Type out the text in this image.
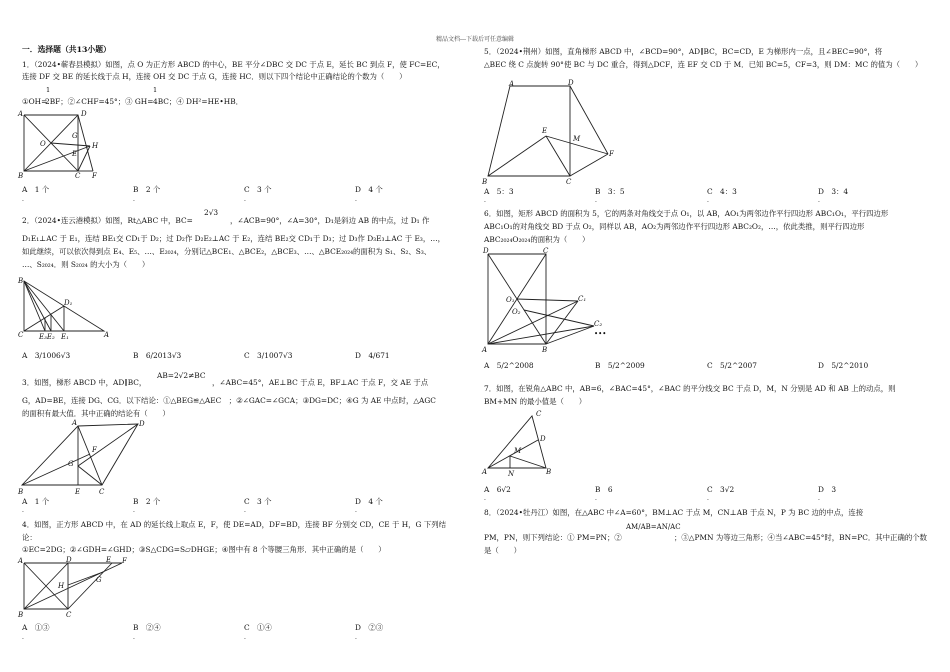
精品文档---下载后可任意编辑
一．选择题（共13小题）
1．（2024•蕲春县模拟）如图，点 O 为正方形 ABCD 的中心，BE 平分∠DBC 交 DC 于点 E，延长 BC 到点 F，使 FC=EC，
连接 DF 交 BE 的延长线于点 H，连接 OH 交 DC 于点 G，连接 HC．则以下四个结论中正确结论的个数为（　　）
1	1
①OH=
2BF；②∠CHF=45°；③ GH= 4BC；④ DH²=HE•HB．
A	D
O
G
E
H
B	C F
A　1 个	B　2 个	C　3 个	D　4 个
.	.	.	.
2．（2024•连云港模拟）如图，Rt△ABC 中，BC=
2√3
，∠ACB=90°，∠A=30°，D₁是斜边 AB 的中点，过 D₁ 作
D₁E₁⊥AC 于 E₁，连结 BE₁交 CD₁于 D₂；过 D₂作 D₂E₂⊥AC 于 E₂，连结 BE₂交 CD₁于 D₃；过 D₃作 D₃E₃⊥AC 于 E₃，…，
如此继续，可以依次得到点 E₄、E₅、…、E₂₀₂₄，分别记△BCE₁、△BCE₂，△BCE₃、…、△BCE₂₀₂₄的面积为 S₁、S₂、S₃、
…、S₂₀₂₄．则 S₂₀₂₄ 的大小为（　　）
B
D₁
C E₃E₂ E₁	A
A　3/1006√3	B　6/2013√3	C　3/1007√3	D　4/671
3．如图，梯形 ABCD 中，AD∥BC，
AB=2√2≠BC
，∠ABC=45°，AE⊥BC 于点 E，BF⊥AC 于点 F，交 AE 于点
G，AD=BE，连接 DG、CG．以下结论：①△BEG≌△AEC　；②∠GAC=∠GCA；③DG=DC；④G 为 AE 中点时，△AGC
的面积有最大值．其中正确的结论有（　　）
A	D
F
G
B	E	C
A　1 个	B　2 个	C　3 个	D　4 个
.	.	.	.
4．如图，正方形 ABCD 中，在 AD 的延长线上取点 E，F，使 DE=AD，DF=BD，连接 BF 分别交 CD，CE 于 H，G 下列结
论：
①EC=2DG；②∠GDH=∠GHD；③S△CDG=S▱DHGE；④图中有 8 个等腰三角形．其中正确的是（　　）
A	D	E F
H
G
B	C
A　①③	B　②④	C　①④	D　②③
.	.	.	.
5．（2024•荆州）如图，直角梯形 ABCD 中，∠BCD=90°，AD∥BC，BC=CD，E 为梯形内一点，且∠BEC=90°，将
△BEC 绕 C 点旋转 90°使 BC 与 DC 重合，得到△DCF，连 EF 交 CD 于 M．已知 BC=5，CF=3，则 DM：MC 的值为（　　）
A	D
E
M
F
B	C
A　5：3	B　3：5	C　4：3	D　3：4
.	.	.	.
6．如图，矩形 ABCD 的面积为 5，它的两条对角线交于点 O₁，以 AB，AO₁为两邻边作平行四边形 ABC₁O₁，平行四边形
ABC₁O₁的对角线交 BD 于点 O₂，同样以 AB，AO₂为两邻边作平行四边形 ABC₂O₂，…，依此类推，则平行四边形
ABC₂₀₂₄O₂₀₂₄的面积为（　　）
D	C
O₁	C₁
O₂
C₂
•••
A	B
A　5/2^2008	B　5/2^2009	C　5/2^2007	D　5/2^2010
7．如图，在锐角△ABC 中，AB=6，∠BAC=45°，∠BAC 的平分线交 BC 于点 D，M，N 分别是 AD 和 AB 上的动点，则
BM+MN 的最小值是（　　）
C
D
M
A	N	B
A　6√2	B　6	C　3√2	D　3
.	.	.	.
8．（2024•牡丹江）如图，在△ABC 中∠A=60°，BM⊥AC 于点 M，CN⊥AB 于点 N，P 为 BC 边的中点，连接
PM，PN，则下列结论：① PM=PN；②
AM/AB=AN/AC
；③△PMN 为等边三角形；④当∠ABC=45°时，BN=PC．其中正确的个数
是（　　）
